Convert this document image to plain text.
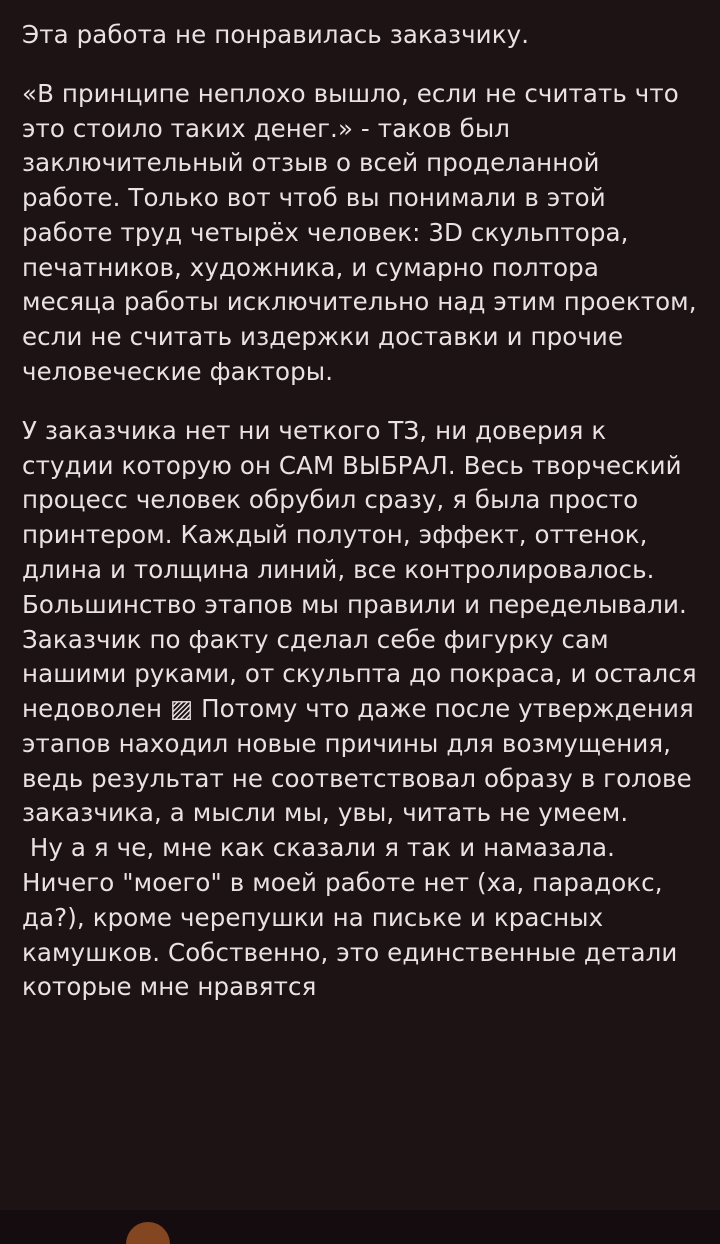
Эта работа не понравилась заказчику.

«В принципе неплохо вышло, если не считать что это стоило таких денег.» - таков был заключительный отзыв о всей проделанной работе. Только вот чтоб вы понимали в этой работе труд четырёх человек: 3D скульптора, печатников, художника, и сумарно полтора месяца работы исключительно над этим проектом, если не считать издержки доставки и прочие человеческие факторы.

У заказчика нет ни четкого ТЗ, ни доверия к студии которую он САМ ВЫБРАЛ. Весь творческий процесс человек обрубил сразу, я была просто принтером. Каждый полутон, эффект, оттенок, длина и толщина линий, все контролировалось. Большинство этапов мы правили и переделывали. Заказчик по факту сделал себе фигурку сам нашими руками, от скульпта до покраса, и остался недоволен ▨ Потому что даже после утверждения этапов находил новые причины для возмущения, ведь результат не соответствовал образу в голове заказчика, а мысли мы, увы, читать не умеем.

Ну а я че, мне как сказали я так и намазала. Ничего "моего" в моей работе нет (ха, парадокс, да?), кроме черепушки на письке и красных камушков. Собственно, это единственные детали которые мне нравятся
